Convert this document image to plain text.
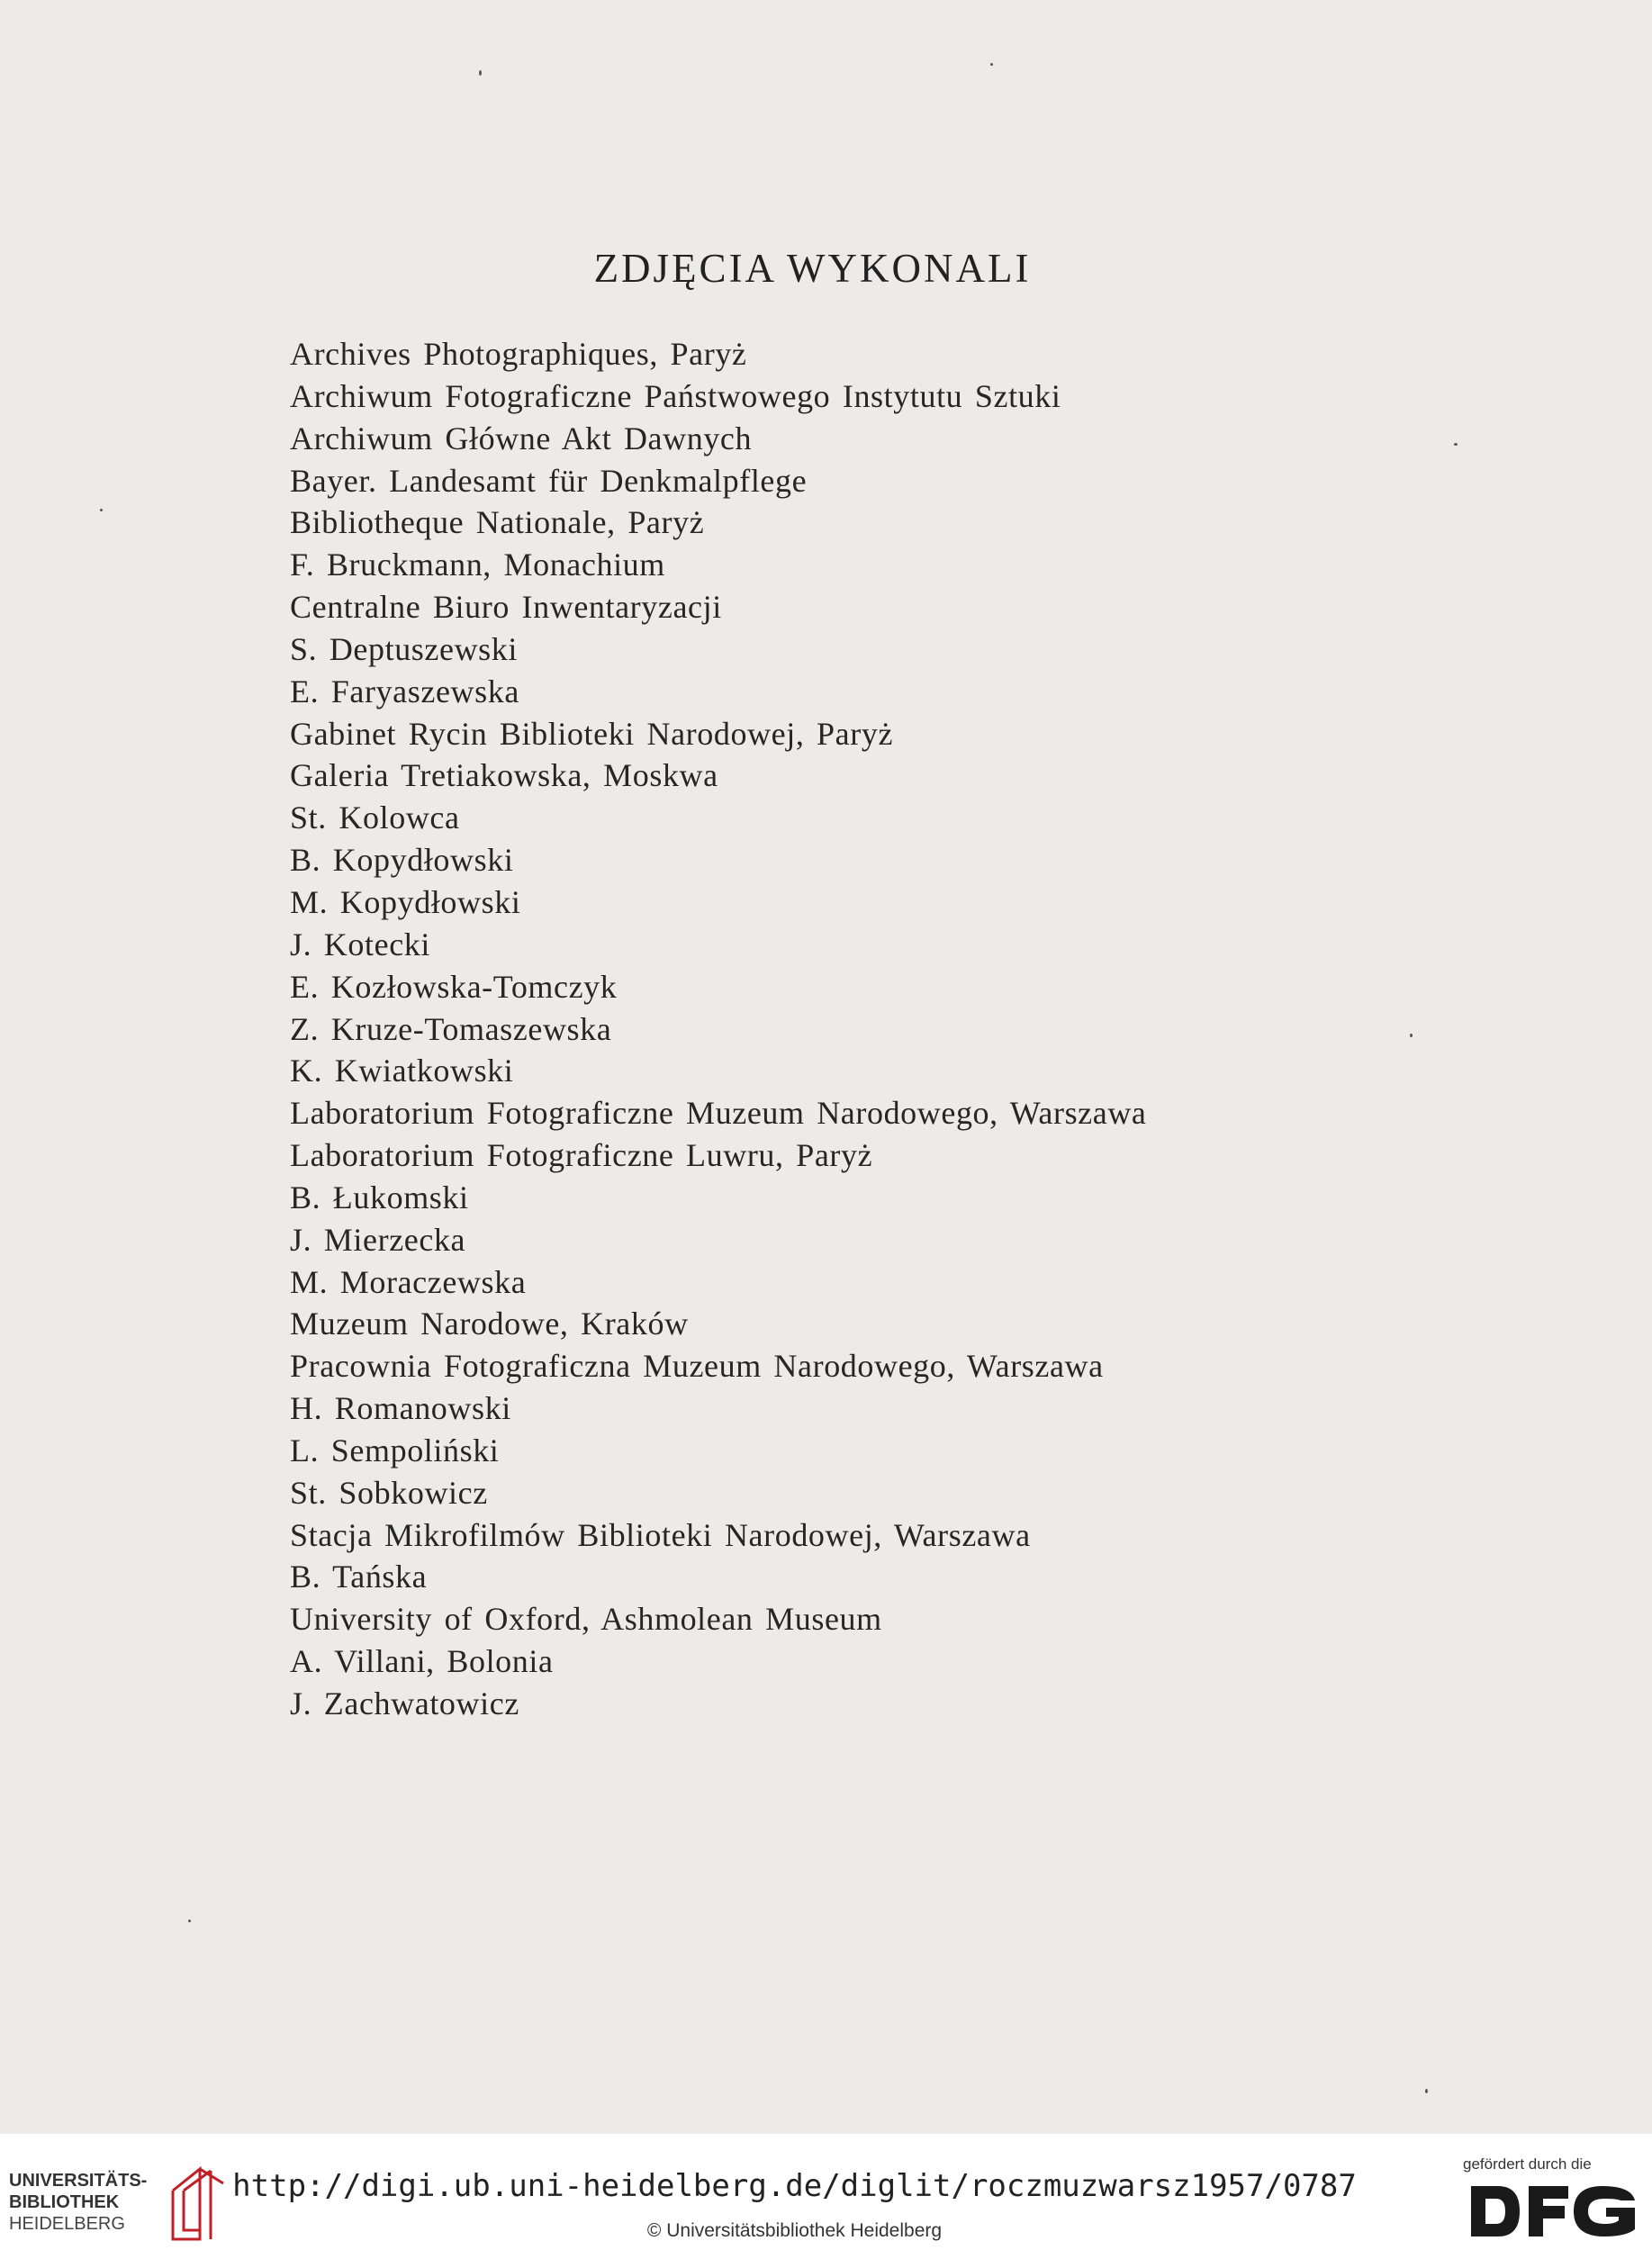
ZDJĘCIA WYKONALI
Archives Photographiques, Paryż
Archiwum Fotograficzne Państwowego Instytutu Sztuki
Archiwum Główne Akt Dawnych
Bayer. Landesamt für Denkmalpflege
Bibliotheque Nationale, Paryż
F. Bruckmann, Monachium
Centralne Biuro Inwentaryzacji
S. Deptuszewski
E. Faryaszewska
Gabinet Rycin Biblioteki Narodowej, Paryż
Galeria Tretiakowska, Moskwa
St. Kolowca
B. Kopydłowski
M. Kopydłowski
J. Kotecki
E. Kozłowska-Tomczyk
Z. Kruze-Tomaszewska
K. Kwiatkowski
Laboratorium Fotograficzne Muzeum Narodowego, Warszawa
Laboratorium Fotograficzne Luwru, Paryż
B. Łukomski
J. Mierzecka
M. Moraczewska
Muzeum Narodowe, Kraków
Pracownia Fotograficzna Muzeum Narodowego, Warszawa
H. Romanowski
L. Sempoliński
St. Sobkowicz
Stacja Mikrofilmów Biblioteki Narodowej, Warszawa
B. Tańska
University of Oxford, Ashmolean Museum
A. Villani, Bolonia
J. Zachwatowicz
UNIVERSITÄTS-
BIBLIOTHEK
HEIDELBERG
http://digi.ub.uni-heidelberg.de/diglit/roczmuzwarsz1957/0787
© Universitätsbibliothek Heidelberg
gefördert durch die
